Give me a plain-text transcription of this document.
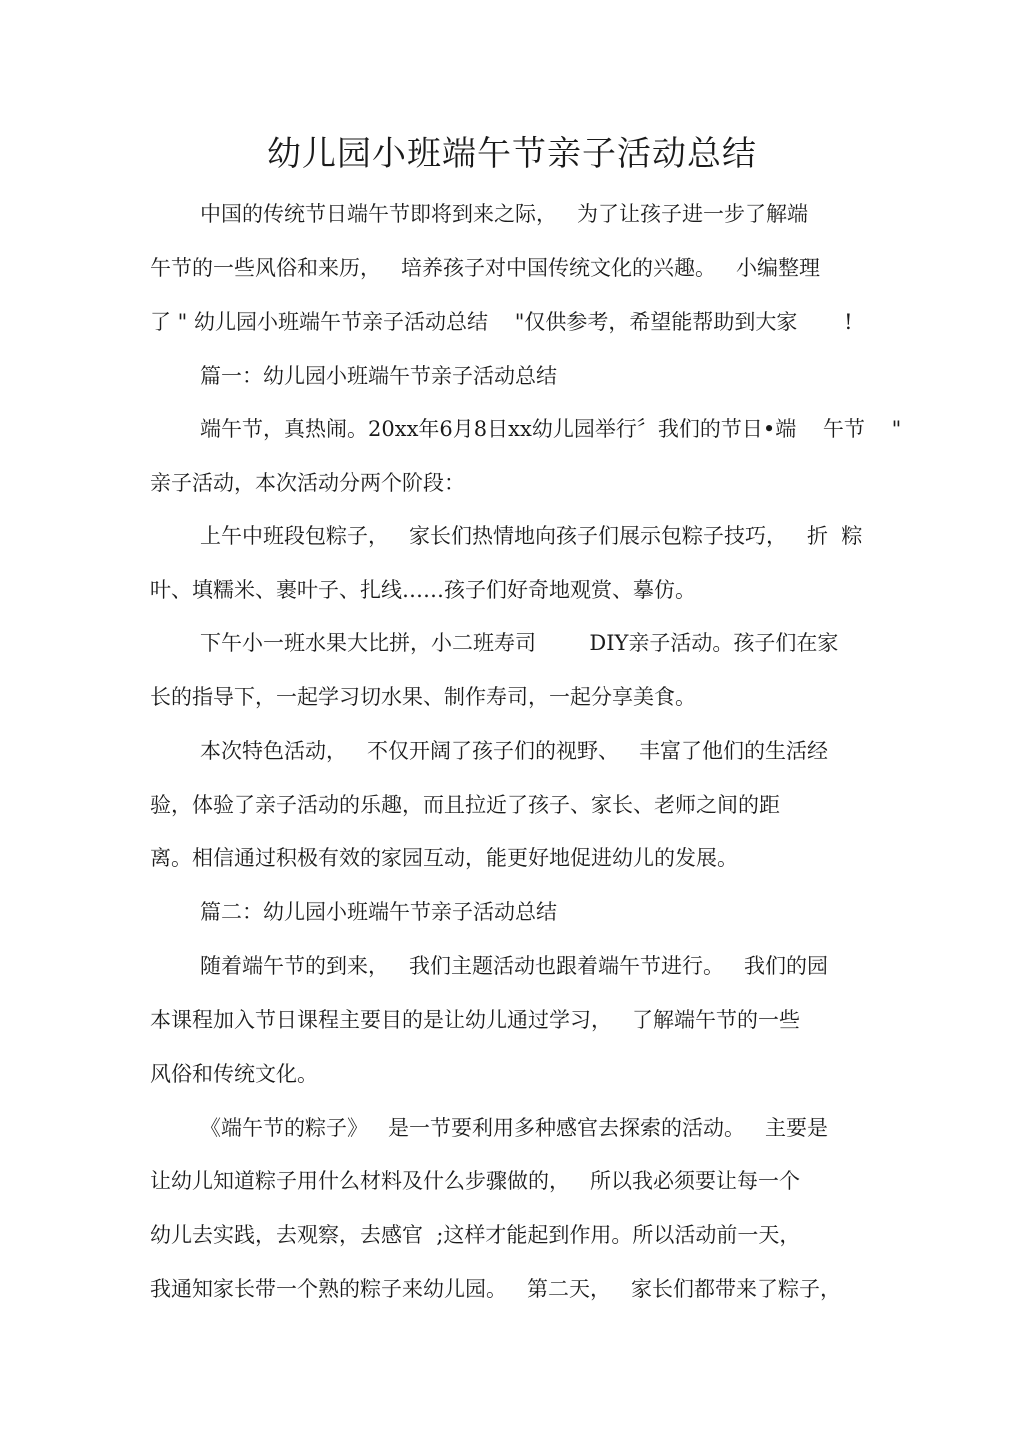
幼儿园小班端午节亲子活动总结

中国的传统节日端午节即将到来之际，   为了让孩子进一步了解端

午节的一些风俗和来历，   培养孩子对中国传统文化的兴趣。   小编整理

了 " 幼儿园小班端午节亲子活动总结    "仅供参考，希望能帮助到大家       !

篇一：幼儿园小班端午节亲子活动总结

端午节，真热闹。20xx年6月8日xx幼儿园举行〞我们的节日•端    午节    "

亲子活动，本次活动分两个阶段：

上午中班段包粽子，   家长们热情地向孩子们展示包粽子技巧，   折  粽

叶、填糯米、裹叶子、扎线……孩子们好奇地观赏、摹仿。

下午小一班水果大比拼，小二班寿司        DIY亲子活动。孩子们在家

长的指导下，一起学习切水果、制作寿司，一起分享美食。

本次特色活动，   不仅开阔了孩子们的视野、   丰富了他们的生活经

验，体验了亲子活动的乐趣，而且拉近了孩子、家长、老师之间的距

离。相信通过积极有效的家园互动，能更好地促进幼儿的发展。

篇二：幼儿园小班端午节亲子活动总结

随着端午节的到来，   我们主题活动也跟着端午节进行。   我们的园

本课程加入节日课程主要目的是让幼儿通过学习，   了解端午节的一些

风俗和传统文化。

《端午节的粽子》   是一节要利用多种感官去探索的活动。   主要是

让幼儿知道粽子用什么材料及什么步骤做的，   所以我必须要让每一个

幼儿去实践，去观察，去感官  ;这样才能起到作用。所以活动前一天，

我通知家长带一个熟的粽子来幼儿园。   第二天，   家长们都带来了粽子，
